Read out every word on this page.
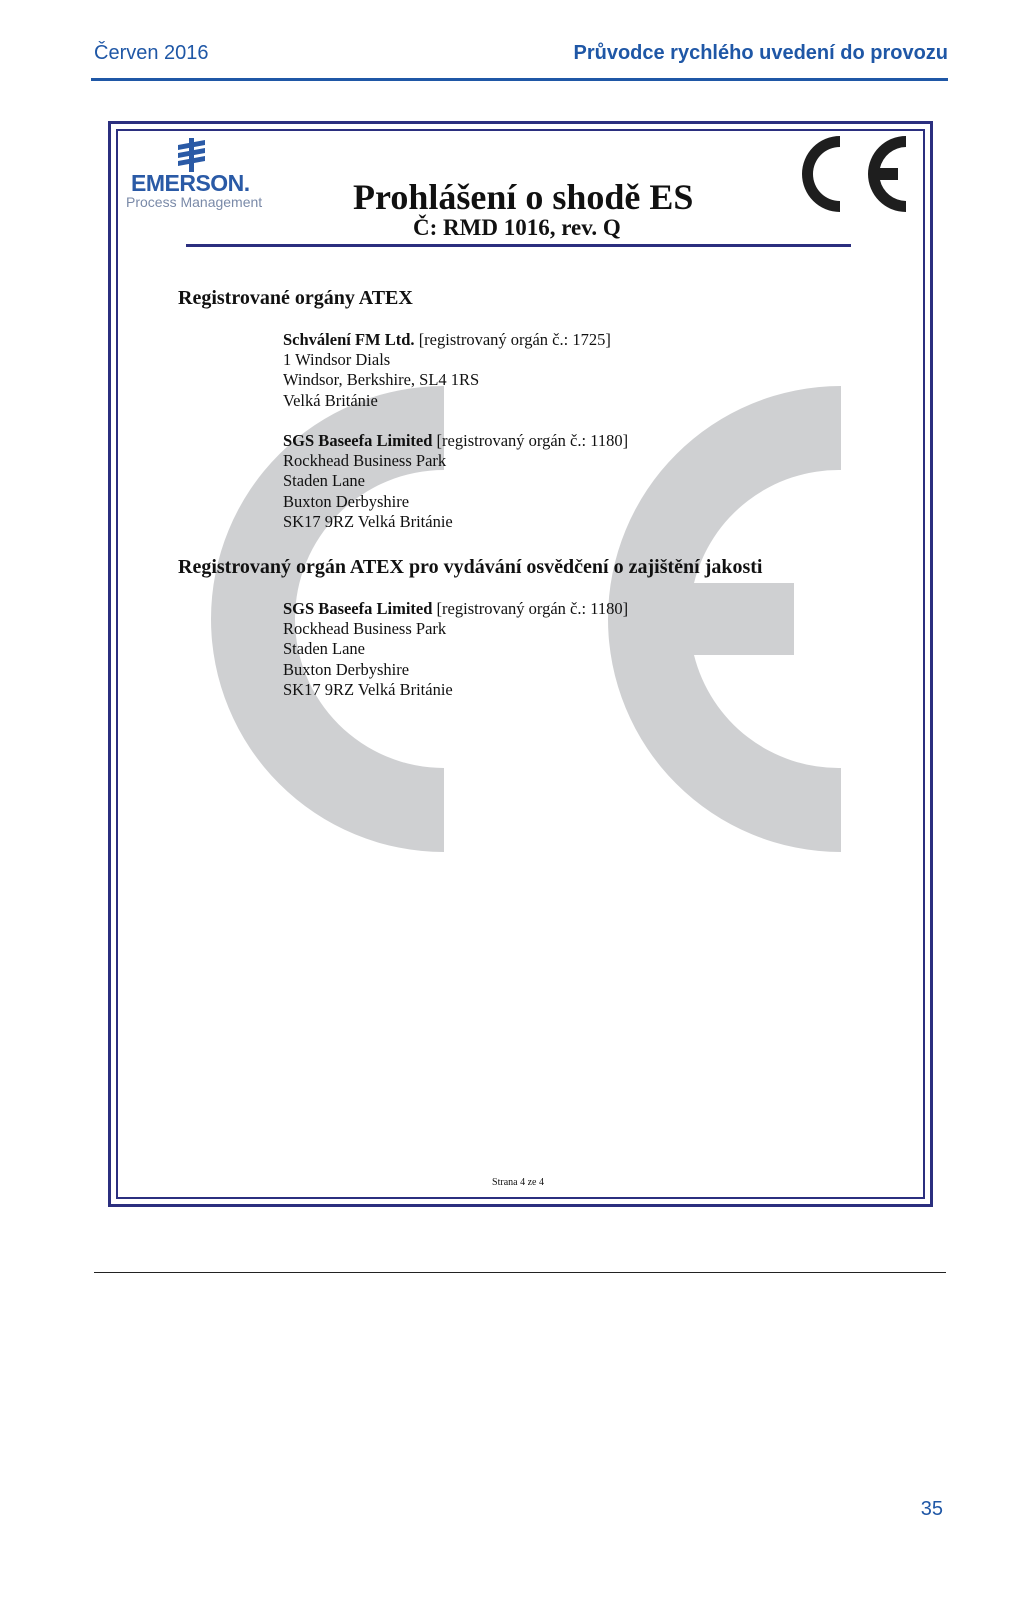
Červen 2016	Průvodce rychlého uvedení do provozu
EMERSON.
Process Management	Prohlášení o shodě ES
Č: RMD 1016, rev. Q
Registrované orgány ATEX
Schválení FM Ltd. [registrovaný orgán č.: 1725]
1 Windsor Dials
Windsor, Berkshire, SL4 1RS
Velká Británie
SGS Baseefa Limited [registrovaný orgán č.: 1180]
Rockhead Business Park
Staden Lane
Buxton Derbyshire
SK17 9RZ Velká Británie
Registrovaný orgán ATEX pro vydávání osvědčení o zajištění jakosti
SGS Baseefa Limited [registrovaný orgán č.: 1180]
Rockhead Business Park
Staden Lane
Buxton Derbyshire
SK17 9RZ Velká Británie
Strana 4 ze 4
35
